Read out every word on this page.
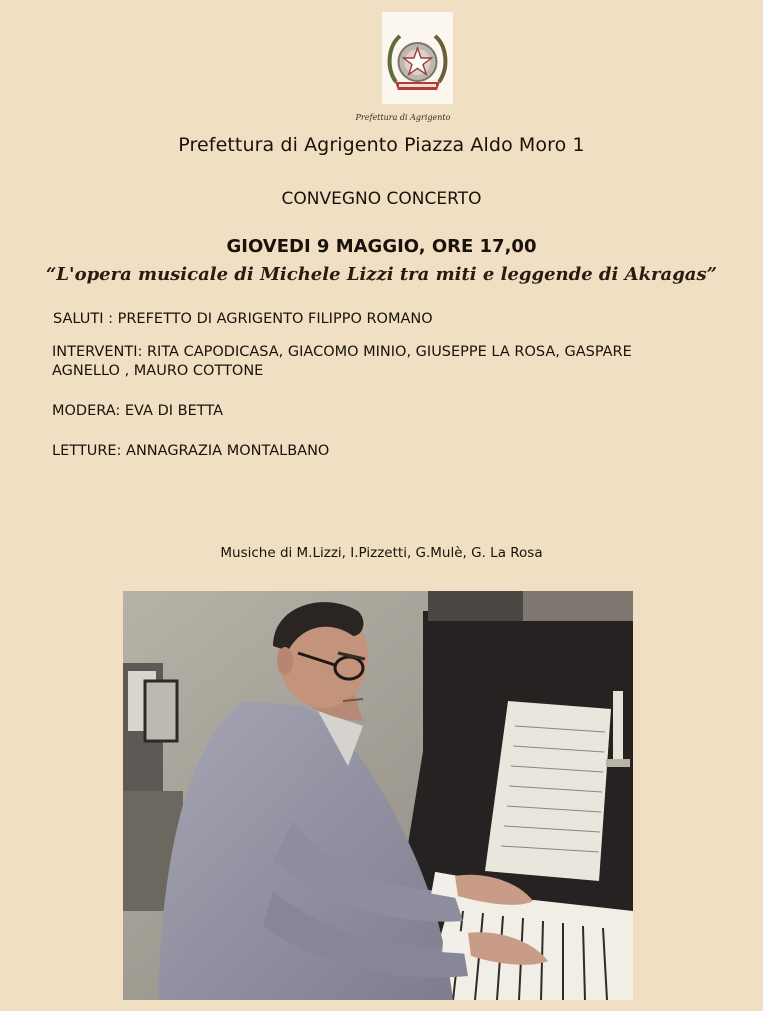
Prefettura di Agrigento
Prefettura di Agrigento Piazza Aldo Moro 1
CONVEGNO CONCERTO
GIOVEDI 9 MAGGIO, ORE 17,00
“L'opera musicale di Michele Lizzi tra miti e leggende di Akragas”
SALUTI : PREFETTO DI AGRIGENTO FILIPPO ROMANO
INTERVENTI: RITA CAPODICASA, GIACOMO MINIO, GIUSEPPE LA ROSA, GASPARE
AGNELLO , MAURO COTTONE
MODERA: EVA DI BETTA
LETTURE: ANNAGRAZIA MONTALBANO
Musiche di M.Lizzi, I.Pizzetti, G.Mulè, G. La Rosa
